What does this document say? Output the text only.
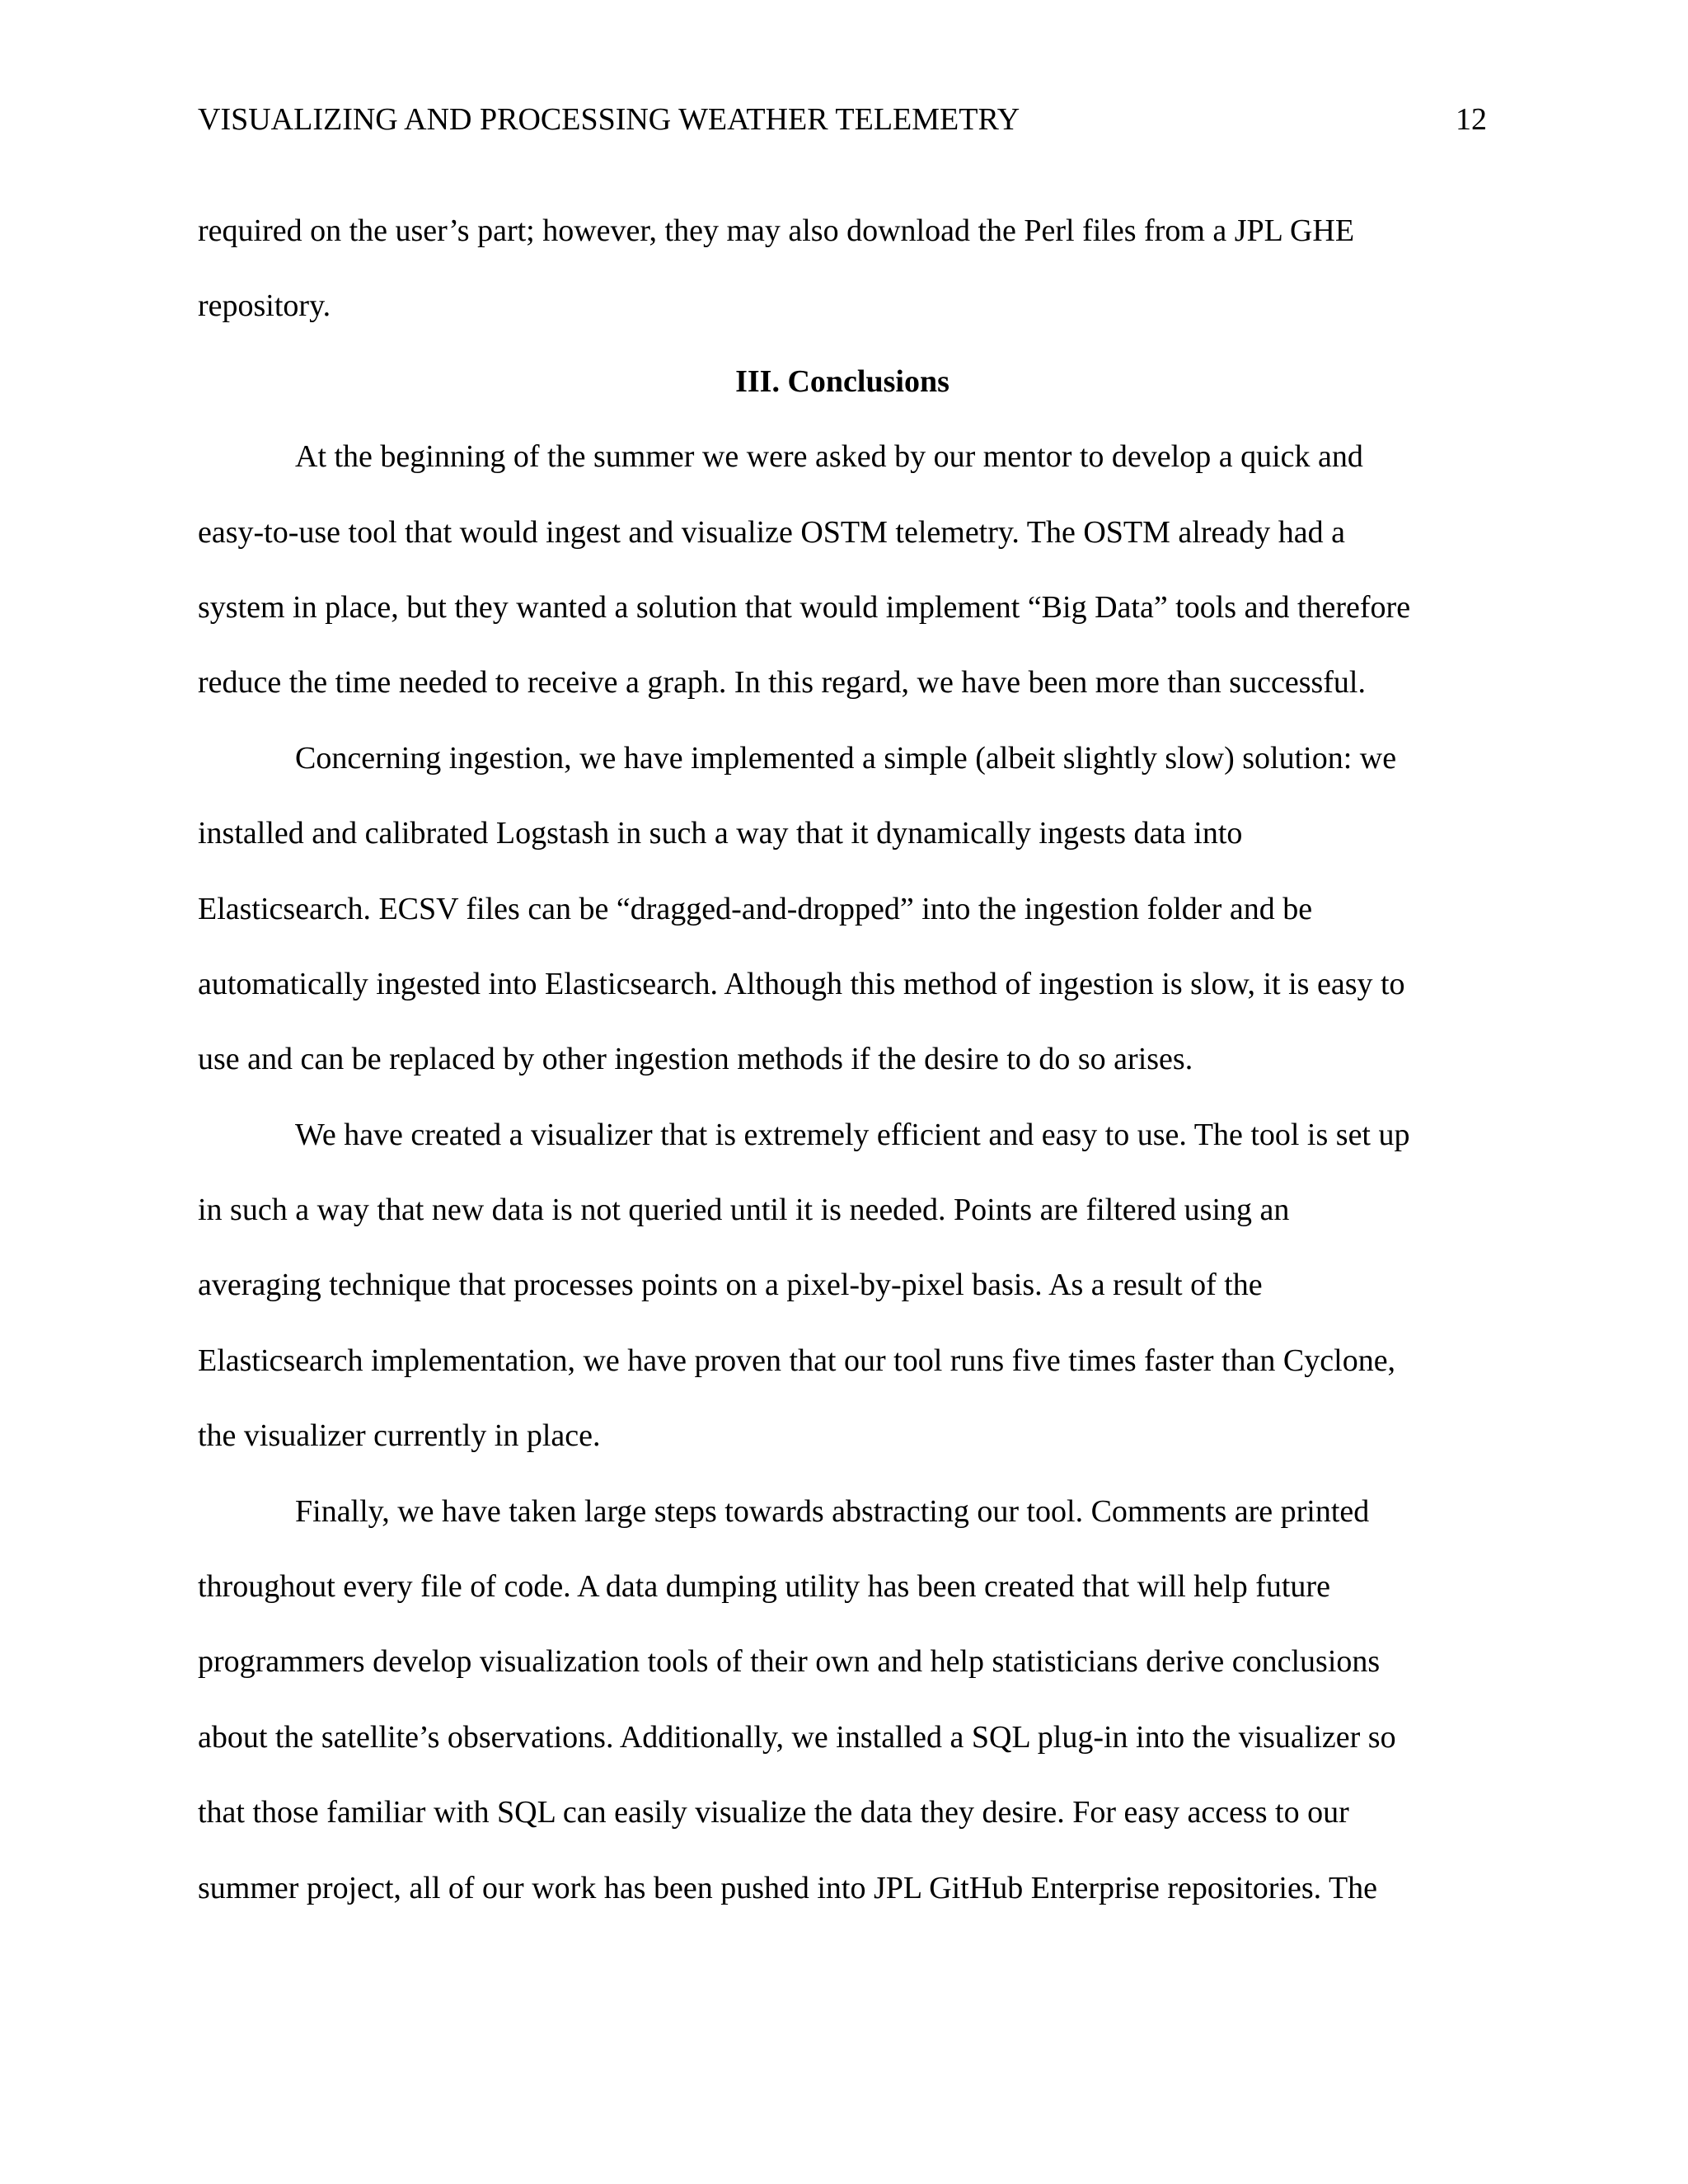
VISUALIZING AND PROCESSING WEATHER TELEMETRY	12
required on the user’s part; however, they may also download the Perl files from a JPL GHE
repository.
III. Conclusions
At the beginning of the summer we were asked by our mentor to develop a quick and
easy-to-use tool that would ingest and visualize OSTM telemetry. The OSTM already had a
system in place, but they wanted a solution that would implement “Big Data” tools and therefore
reduce the time needed to receive a graph. In this regard, we have been more than successful.
Concerning ingestion, we have implemented a simple (albeit slightly slow) solution: we
installed and calibrated Logstash in such a way that it dynamically ingests data into
Elasticsearch. ECSV files can be “dragged-and-dropped” into the ingestion folder and be
automatically ingested into Elasticsearch. Although this method of ingestion is slow, it is easy to
use and can be replaced by other ingestion methods if the desire to do so arises.
We have created a visualizer that is extremely efficient and easy to use. The tool is set up
in such a way that new data is not queried until it is needed. Points are filtered using an
averaging technique that processes points on a pixel-by-pixel basis. As a result of the
Elasticsearch implementation, we have proven that our tool runs five times faster than Cyclone,
the visualizer currently in place.
Finally, we have taken large steps towards abstracting our tool. Comments are printed
throughout every file of code. A data dumping utility has been created that will help future
programmers develop visualization tools of their own and help statisticians derive conclusions
about the satellite’s observations. Additionally, we installed a SQL plug-in into the visualizer so
that those familiar with SQL can easily visualize the data they desire. For easy access to our
summer project, all of our work has been pushed into JPL GitHub Enterprise repositories. The
